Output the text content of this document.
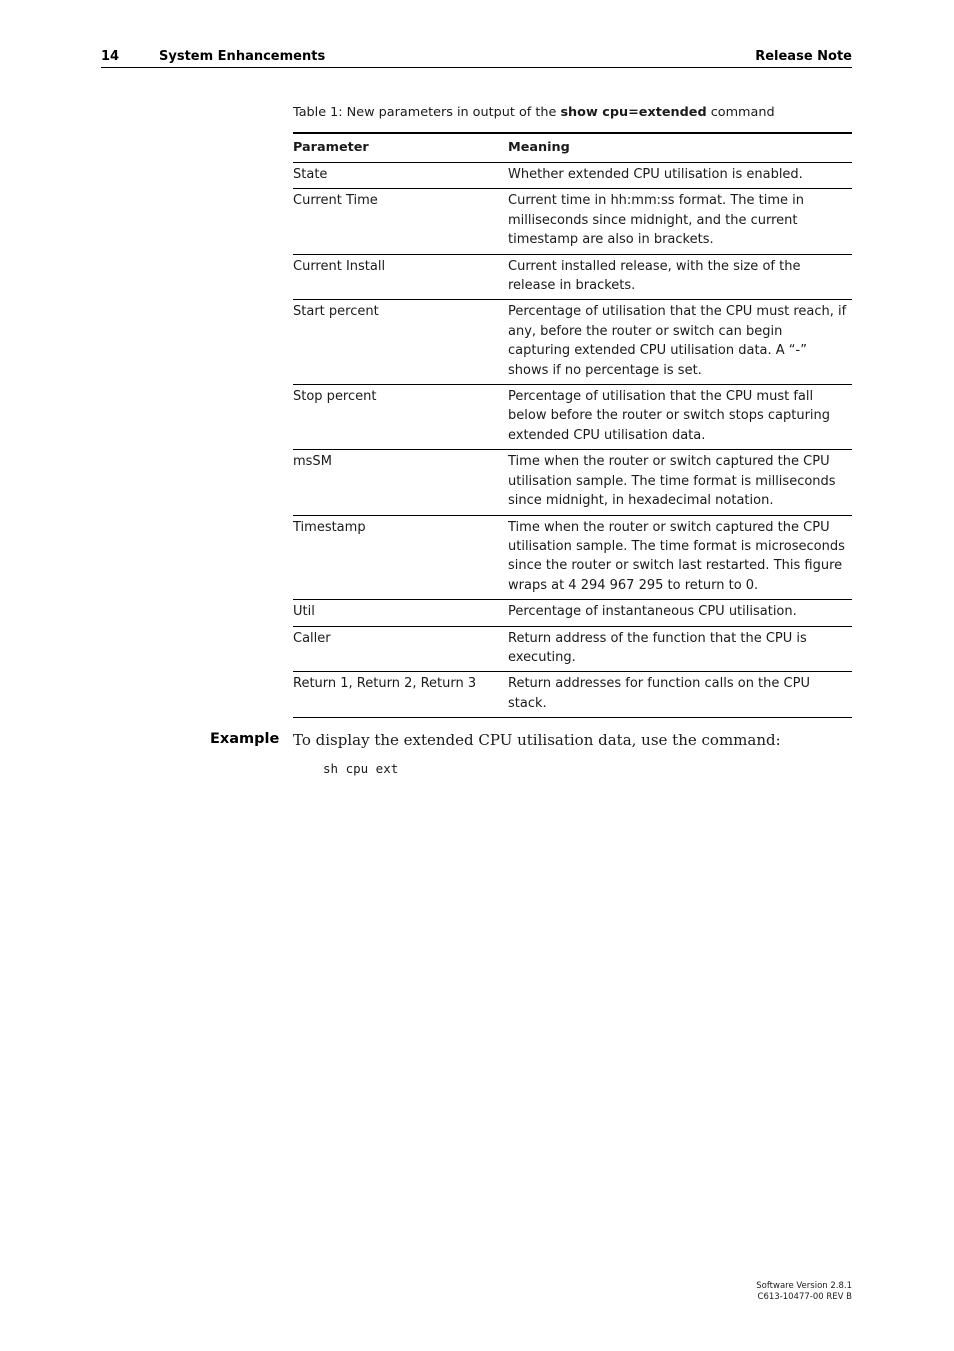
14	System Enhancements	Release Note
Table 1: New parameters in output of the show cpu=extended command
Parameter	Meaning
State	Whether extended CPU utilisation is enabled.
Current Time	Current time in hh:mm:ss format. The time in milliseconds since midnight, and the current timestamp are also in brackets.
Current Install	Current installed release, with the size of the release in brackets.
Start percent	Percentage of utilisation that the CPU must reach, if any, before the router or switch can begin capturing extended CPU utilisation data. A “-” shows if no percentage is set.
Stop percent	Percentage of utilisation that the CPU must fall below before the router or switch stops capturing extended CPU utilisation data.
msSM	Time when the router or switch captured the CPU utilisation sample. The time format is milliseconds since midnight, in hexadecimal notation.
Timestamp	Time when the router or switch captured the CPU utilisation sample. The time format is microseconds since the router or switch last restarted. This figure wraps at 4 294 967 295 to return to 0.
Util	Percentage of instantaneous CPU utilisation.
Caller	Return address of the function that the CPU is executing.
Return 1, Return 2, Return 3	Return addresses for function calls on the CPU stack.
Example To display the extended CPU utilisation data, use the command:
sh cpu ext
Software Version 2.8.1
C613-10477-00 REV B
